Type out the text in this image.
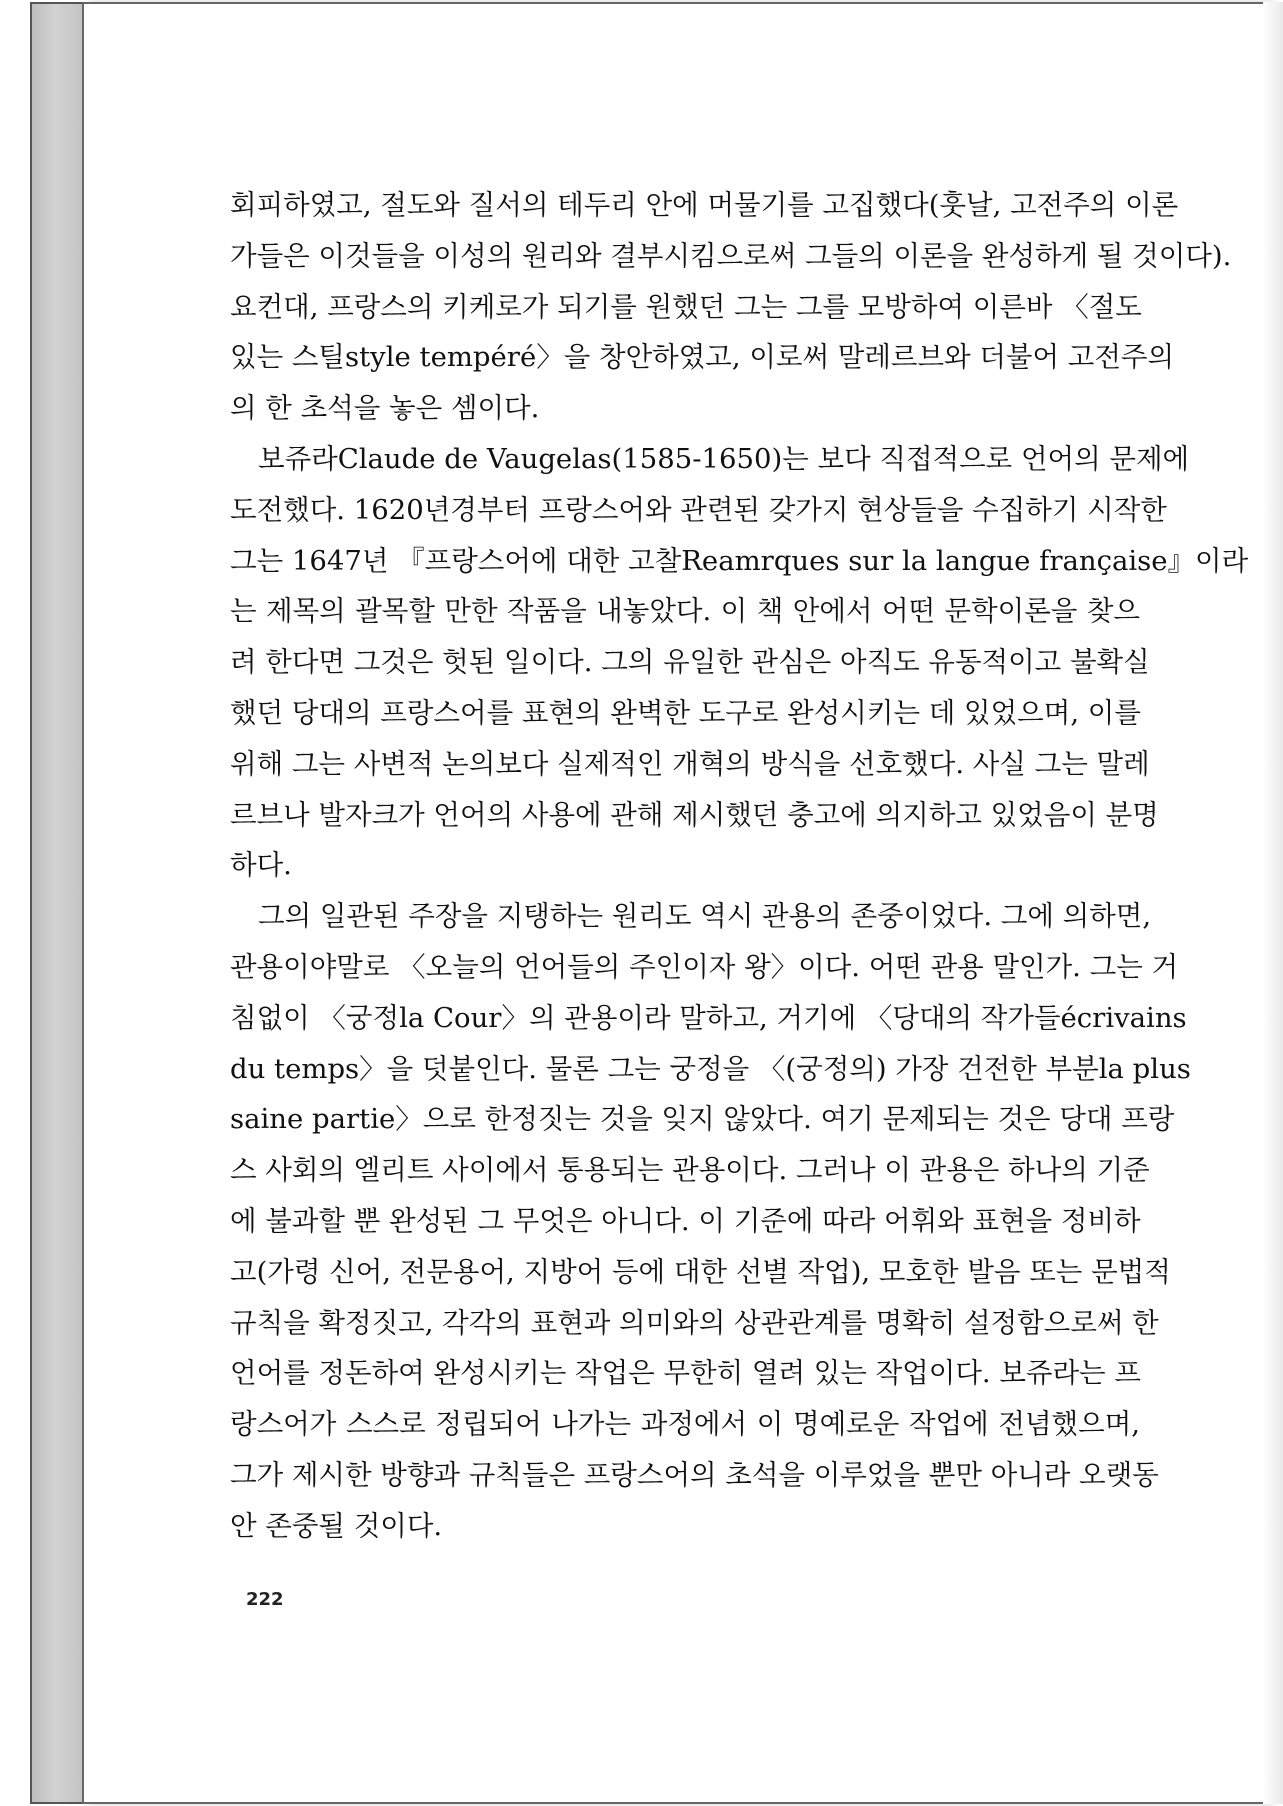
회피하였고, 절도와 질서의 테두리 안에 머물기를 고집했다(훗날, 고전주의 이론
가들은 이것들을 이성의 원리와 결부시킴으로써 그들의 이론을 완성하게 될 것이다).
요컨대, 프랑스의 키케로가 되기를 원했던 그는 그를 모방하여 이른바 〈절도
있는 스틸style tempéré〉을 창안하였고, 이로써 말레르브와 더불어 고전주의
의 한 초석을 놓은 셈이다.

보쥬라Claude de Vaugelas(1585-1650)는 보다 직접적으로 언어의 문제에
도전했다. 1620년경부터 프랑스어와 관련된 갖가지 현상들을 수집하기 시작한
그는 1647년 『프랑스어에 대한 고찰Reamrques sur la langue française』이라
는 제목의 괄목할 만한 작품을 내놓았다. 이 책 안에서 어떤 문학이론을 찾으
려 한다면 그것은 헛된 일이다. 그의 유일한 관심은 아직도 유동적이고 불확실
했던 당대의 프랑스어를 표현의 완벽한 도구로 완성시키는 데 있었으며, 이를
위해 그는 사변적 논의보다 실제적인 개혁의 방식을 선호했다. 사실 그는 말레
르브나 발자크가 언어의 사용에 관해 제시했던 충고에 의지하고 있었음이 분명
하다.

그의 일관된 주장을 지탱하는 원리도 역시 관용의 존중이었다. 그에 의하면,
관용이야말로 〈오늘의 언어들의 주인이자 왕〉이다. 어떤 관용 말인가. 그는 거
침없이 〈궁정la Cour〉의 관용이라 말하고, 거기에 〈당대의 작가들écrivains
du temps〉을 덧붙인다. 물론 그는 궁정을 〈(궁정의) 가장 건전한 부분la plus
saine partie〉으로 한정짓는 것을 잊지 않았다. 여기 문제되는 것은 당대 프랑
스 사회의 엘리트 사이에서 통용되는 관용이다. 그러나 이 관용은 하나의 기준
에 불과할 뿐 완성된 그 무엇은 아니다. 이 기준에 따라 어휘와 표현을 정비하
고(가령 신어, 전문용어, 지방어 등에 대한 선별 작업), 모호한 발음 또는 문법적
규칙을 확정짓고, 각각의 표현과 의미와의 상관관계를 명확히 설정함으로써 한
언어를 정돈하여 완성시키는 작업은 무한히 열려 있는 작업이다. 보쥬라는 프
랑스어가 스스로 정립되어 나가는 과정에서 이 명예로운 작업에 전념했으며,
그가 제시한 방향과 규칙들은 프랑스어의 초석을 이루었을 뿐만 아니라 오랫동
안 존중될 것이다.

222
